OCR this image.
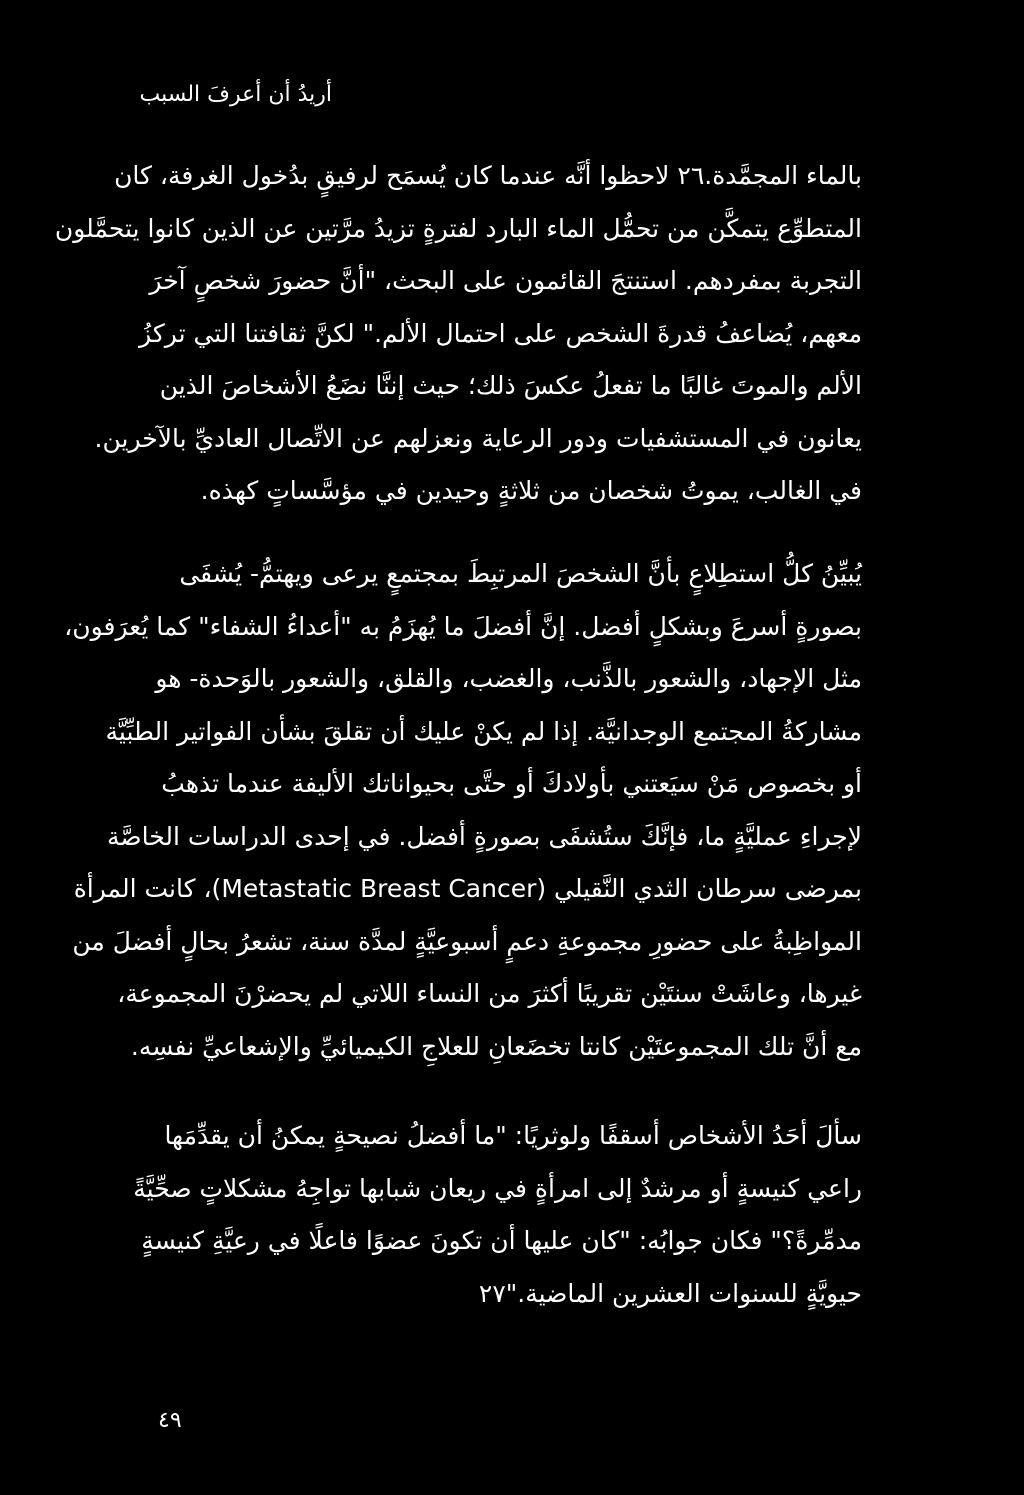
أريدُ أن أعرفَ السبب
بالماء المجمَّدة.٢٦ لاحظوا أنَّه عندما كان يُسمَح لرفيقٍ بدُخول الغرفة، كان
المتطوِّع يتمكَّن من تحمُّل الماء البارد لفترةٍ تزيدُ مرَّتين عن الذين كانوا يتحمَّلون
التجربة بمفردهم. استنتجَ القائمون على البحث، "أنَّ حضورَ شخصٍ آخرَ
معهم، يُضاعفُ قدرةَ الشخص على احتمال الألم." لكنَّ ثقافتنا التي تركزُ
الألم والموتَ غالبًا ما تفعلُ عكسَ ذلك؛ حيث إننَّا نضَعُ الأشخاصَ الذين
يعانون في المستشفيات ودور الرعاية ونعزلهم عن الاتِّصال العاديِّ بالآخرين.
في الغالب، يموتُ شخصان من ثلاثةٍ وحيدين في مؤسَّساتٍ كهذه.
يُبيِّنُ كلُّ استطِلاعٍ بأنَّ الشخصَ المرتبِطَ بمجتمعٍ يرعى ويهتمُّ- يُشفَى
بصورةٍ أسرعَ وبشكلٍ أفضل. إنَّ أفضلَ ما يُهزَمُ به "أعداءُ الشفاء" كما يُعرَفون،
مثل الإجهاد، والشعور بالذَّنب، والغضب، والقلق، والشعور بالوَحدة- هو
مشاركةُ المجتمع الوجدانيَّة. إذا لم يكنْ عليك أن تقلقَ بشأن الفواتير الطبِّيَّة
أو بخصوص مَنْ سيَعتني بأولادكَ أو حتَّى بحيواناتك الأليفة عندما تذهبُ
لإجراءِ عمليَّةٍ ما، فإنَّكَ ستُشفَى بصورةٍ أفضل. في إحدى الدراسات الخاصَّة
بمرضى سرطان الثدي النَّقيلي (Metastatic Breast Cancer)، كانت المرأة
المواظِبةُ على حضورِ مجموعةِ دعمٍ أسبوعيَّةٍ لمدَّة سنة، تشعرُ بحالٍ أفضلَ من
غيرها، وعاشَتْ سنتَيْن تقريبًا أكثرَ من النساء اللاتي لم يحضرْنَ المجموعة،
مع أنَّ تلك المجموعتَيْن كانتا تخضَعانِ للعلاجِ الكيميائيِّ والإشعاعيِّ نفسِه.
سألَ أحَدُ الأشخاص أسقفًا ولوثريًا: "ما أفضلُ نصيحةٍ يمكنُ أن يقدِّمَها
راعي كنيسةٍ أو مرشدٌ إلى امرأةٍ في ريعان شبابها تواجِهُ مشكلاتٍ صحِّيَّةً
مدمِّرةً؟" فكان جوابُه: "كان عليها أن تكونَ عضوًا فاعلًا في رعيَّةِ كنيسةٍ
حيويَّةٍ للسنوات العشرين الماضية."٢٧
٤٩
